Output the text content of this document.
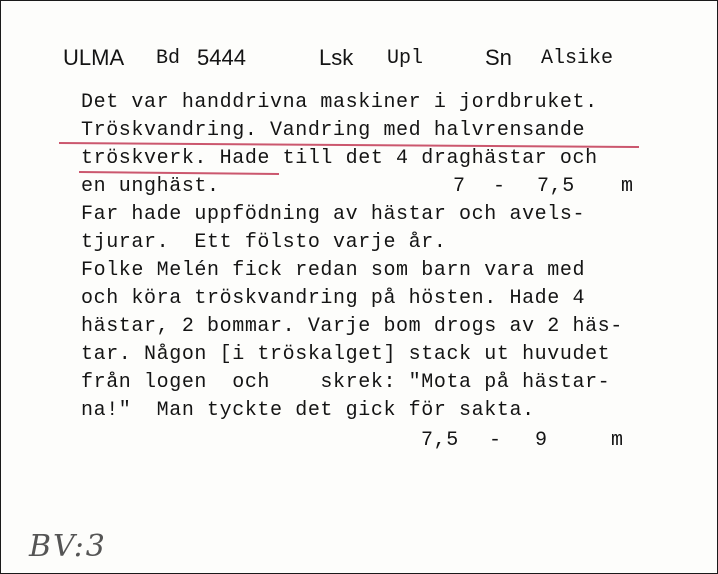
ULMA Bd 5444	Lsk Upl	Sn Alsike
Det var handdrivna maskiner i jordbruket.
Tröskvandring. Vandring med halvrensande
tröskverk. Hade till det 4 draghästar och
en unghäst.	7 - 7,5 m
Far hade uppfödning av hästar och avels-
tjurar.  Ett fölsto varje år.
Folke Melén fick redan som barn vara med
och köra tröskvandring på hösten. Hade 4
hästar, 2 bommar. Varje bom drogs av 2 häs-
tar. Någon [i tröskalget] stack ut huvudet
från logen  och    skrek: "Mota på hästar-
na!"  Man tyckte det gick för sakta.
7,5 - 9	m
BV:3
